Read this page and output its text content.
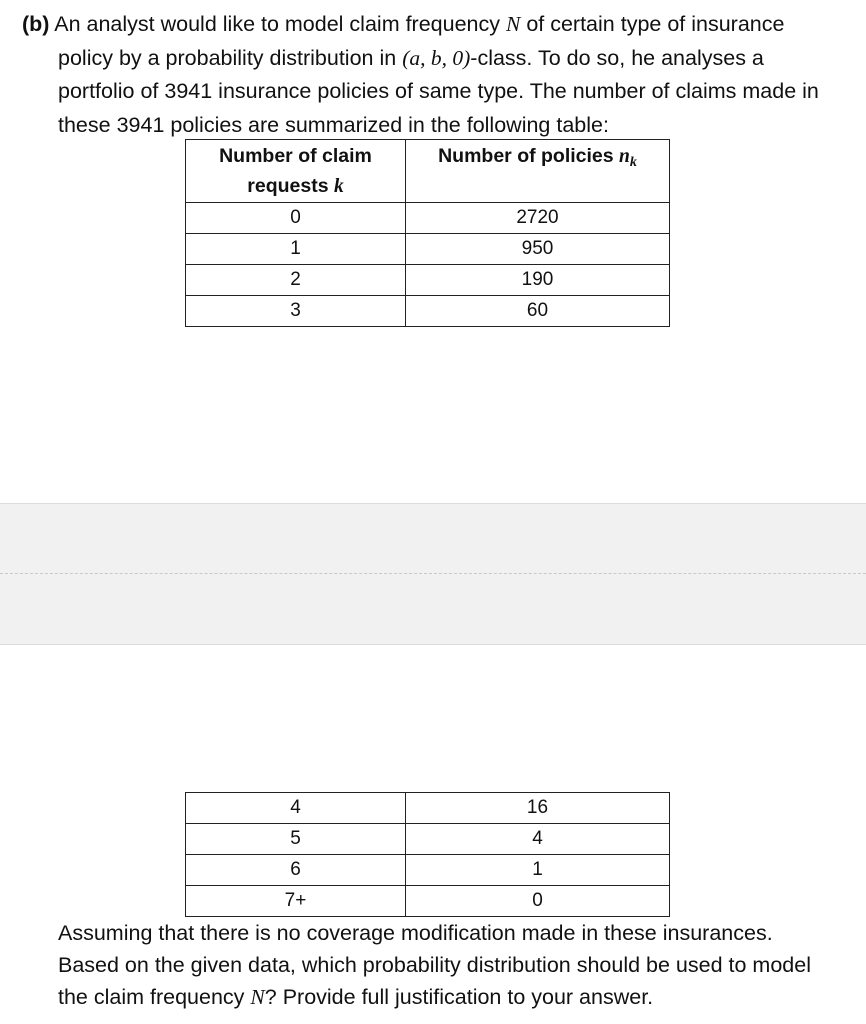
(b) An analyst would like to model claim frequency N of certain type of insurance
policy by a probability distribution in (a, b, 0)-class. To do so, he analyses a
portfolio of 3941 insurance policies of same type. The number of claims made in
these 3941 policies are summarized in the following table:
Number of claim
requests k	Number of policies $n_k$
0	2720
1	950
2	190
3	60
4	16
5	4
6	1
7+	0
Assuming that there is no coverage modification made in these insurances.
Based on the given data, which probability distribution should be used to model
the claim frequency N? Provide full justification to your answer.
